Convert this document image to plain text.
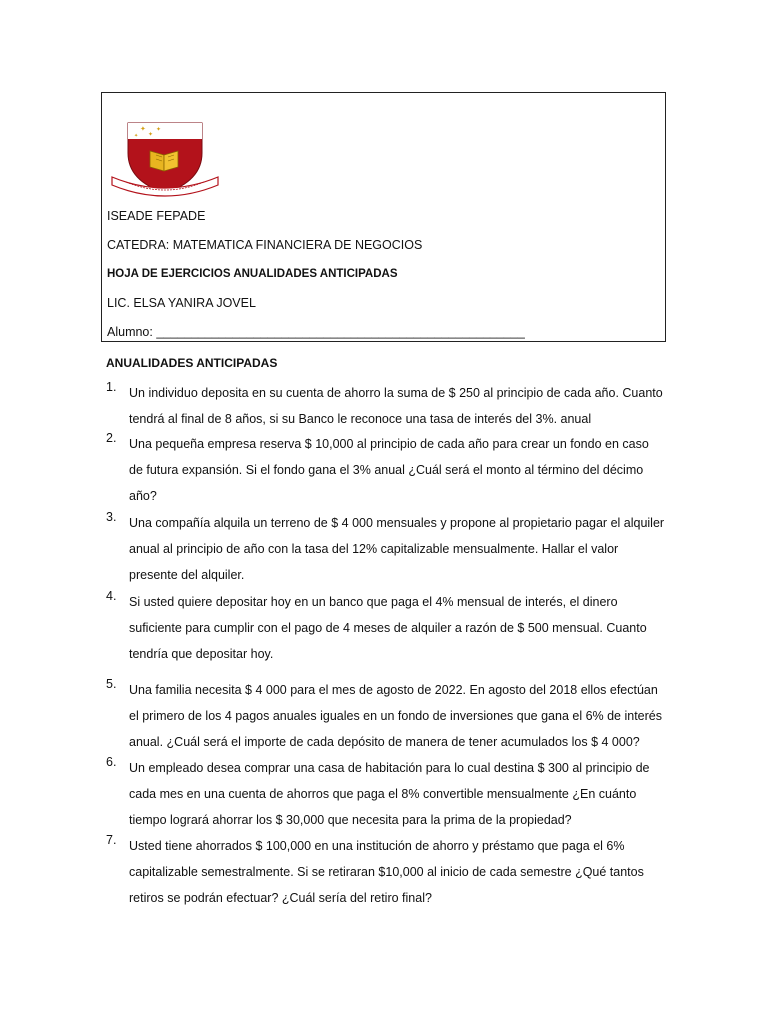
✦
✦
✦
✦
ISEADE FEPADE
CATEDRA: MATEMATICA FINANCIERA DE NEGOCIOS
HOJA DE EJERCICIOS ANUALIDADES ANTICIPADAS
LIC. ELSA YANIRA JOVEL
Alumno: _____________________________________________________
ANUALIDADES ANTICIPADAS
1. Un individuo deposita en su cuenta de ahorro la suma de $ 250 al principio de cada año. Cuanto tendrá al final de 8 años, si su Banco le reconoce una tasa de interés del 3%. anual
2. Una pequeña empresa reserva $ 10,000 al principio de cada año para crear un fondo en caso de futura expansión. Si el fondo gana el 3% anual ¿Cuál será el monto al término del décimo año?
3. Una compañía alquila un terreno de $ 4 000 mensuales y propone al propietario pagar el alquiler anual al principio de año con la tasa del 12% capitalizable mensualmente. Hallar el valor presente del alquiler.
4. Si usted quiere depositar hoy en un banco que paga el 4% mensual de interés, el dinero suficiente para cumplir con el pago de 4 meses de alquiler a razón de $ 500 mensual. Cuanto tendría que depositar hoy.
5. Una familia necesita $ 4 000 para el mes de agosto de 2022. En agosto del 2018 ellos efectúan el primero de los 4 pagos anuales iguales en un fondo de inversiones que gana el 6% de interés anual. ¿Cuál será el importe de cada depósito de manera de tener acumulados los $ 4 000?
6. Un empleado desea comprar una casa de habitación para lo cual destina $ 300 al principio de cada mes en una cuenta de ahorros que paga el 8% convertible mensualmente ¿En cuánto tiempo logrará ahorrar los $ 30,000 que necesita para la prima de la propiedad?
7. Usted tiene ahorrados $ 100,000 en una institución de ahorro y préstamo que paga el 6% capitalizable semestralmente. Si se retiraran $10,000 al inicio de cada semestre ¿Qué tantos retiros se podrán efectuar? ¿Cuál sería del retiro final?
